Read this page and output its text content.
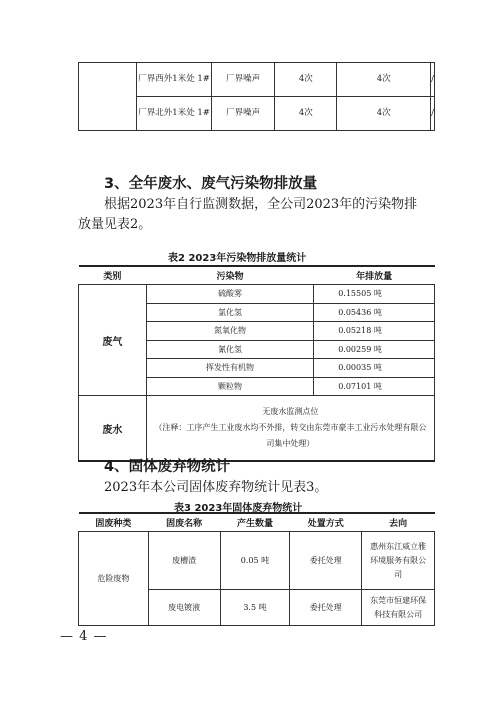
	厂界西外1米处 1#	厂界噪声	4次	4次	/
	厂界北外1米处 1#	厂界噪声	4次	4次	/
3、全年废水、废气污染物排放量
根据2023年自行监测数据，全公司2023年的污染物排放量见表2。
表2 2023年污染物排放量统计
类别	污染物	年排放量
废气	硫酸雾	0.15505 吨
	氯化氢	0.05436 吨
	氮氧化物	0.05218 吨
	氰化氢	0.00259 吨
	挥发性有机物	0.00035 吨
	颗粒物	0.07101 吨
废水	无废水监测点位
（注释：工序产生工业废水均不外排，转交由东莞市豪丰工业污水处理有限公司集中处理）	
4、固体废弃物统计
2023年本公司固体废弃物统计见表3。
表3 2023年固体废弃物统计
固废种类	固废名称	产生数量	处置方式	去向
危险废物	废槽渣	0.05 吨	委托处理	惠州东江威立雅环境服务有限公司
	废电镀液	3.5 吨	委托处理	东莞市恒建环保科技有限公司
— 4 —
